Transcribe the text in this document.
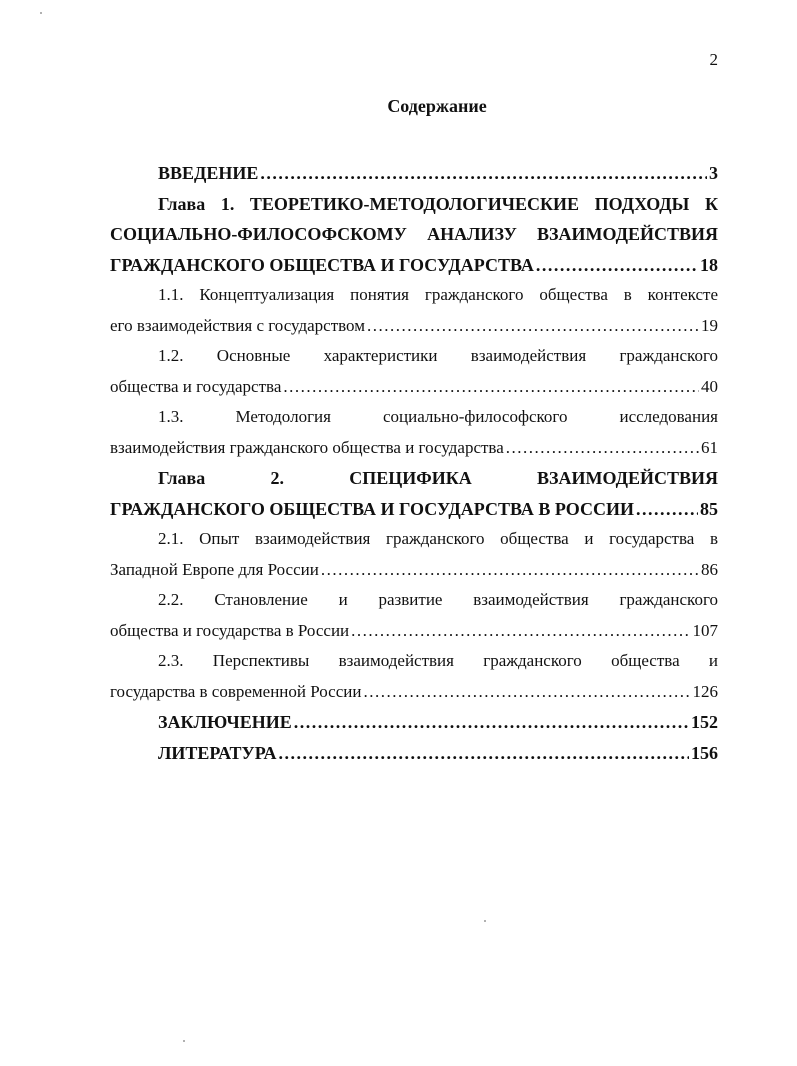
2
Содержание
ВВЕДЕНИЕ .....	3
Глава 1. ТЕОРЕТИКО-МЕТОДОЛОГИЧЕСКИЕ ПОДХОДЫ К
СОЦИАЛЬНО-ФИЛОСОФСКОМУ АНАЛИЗУ ВЗАИМОДЕЙСТВИЯ
ГРАЖДАНСКОГО ОБЩЕСТВА И ГОСУДАРСТВА .....	18
1.1. Концептуализация понятия гражданского общества в контексте
его взаимодействия с государством .....	19
1.2. Основные характеристики взаимодействия гражданского
общества и государства .....	40
1.3. Методология социально-философского исследования
взаимодействия гражданского общества и государства .....	61
Глава 2. СПЕЦИФИКА ВЗАИМОДЕЙСТВИЯ
ГРАЖДАНСКОГО ОБЩЕСТВА И ГОСУДАРСТВА В РОССИИ .....	85
2.1. Опыт взаимодействия гражданского общества и государства в
Западной Европе для России .....	86
2.2. Становление и развитие взаимодействия гражданского
общества и государства в России .....	107
2.3. Перспективы взаимодействия гражданского общества и
государства в современной России .....	126
ЗАКЛЮЧЕНИЕ .....	152
ЛИТЕРАТУРА .....	156
